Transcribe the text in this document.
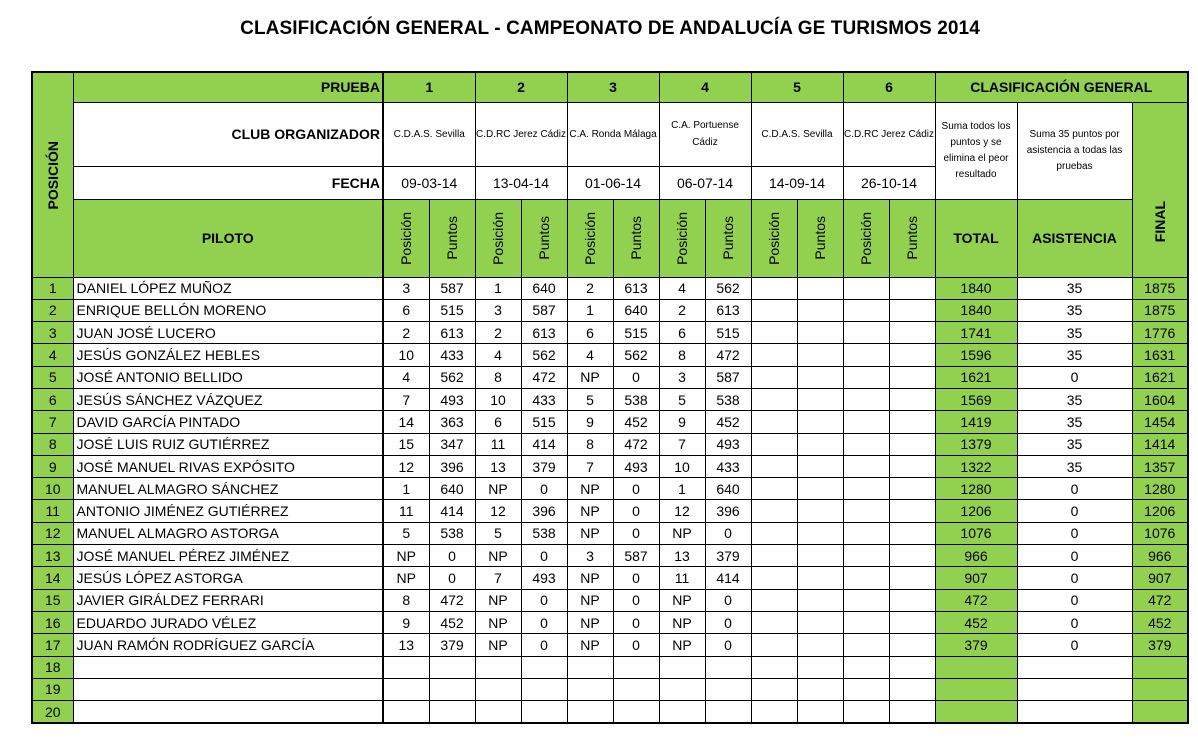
CLASIFICACIÓN GENERAL - CAMPEONATO DE ANDALUCÍA GE TURISMOS 2014
POSICIÓN	PRUEBA	1		2		3		4		5		6		CLASIFICACIÓN GENERAL		
	CLUB ORGANIZADOR	C.D.A.S. Sevilla		C.D.RC Jerez Cádiz		C.A. Ronda Málaga		C.A. Portuense Cádiz		C.D.A.S. Sevilla		C.D.RC Jerez Cádiz		Suma todos los puntos y se elimina el peor resultado	Suma 35 puntos por asistencia a todas las pruebas	
	FECHA	09-03-14		13-04-14		01-06-14		06-07-14		14-09-14		26-10-14				FINAL

	PILOTO	Posición	Puntos	Posición	Puntos	Posición	Puntos	Posición	Puntos	Posición	Puntos	Posición	Puntos	TOTAL	ASISTENCIA	
1	DANIEL LÓPEZ MUÑOZ	3	587	1	640	2	613	4	562					1840	35	1875
2	ENRIQUE BELLÓN MORENO	6	515	3	587	1	640	2	613					1840	35	1875
3	JUAN JOSÉ LUCERO	2	613	2	613	6	515	6	515					1741	35	1776
4	JESÚS GONZÁLEZ HEBLES	10	433	4	562	4	562	8	472					1596	35	1631
5	JOSÉ ANTONIO BELLIDO	4	562	8	472	NP	0	3	587					1621	0	1621
6	JESÚS SÁNCHEZ VÁZQUEZ	7	493	10	433	5	538	5	538					1569	35	1604
7	DAVID GARCÍA PINTADO	14	363	6	515	9	452	9	452					1419	35	1454
8	JOSÉ LUIS RUIZ GUTIÉRREZ	15	347	11	414	8	472	7	493					1379	35	1414
9	JOSÉ MANUEL RIVAS EXPÓSITO	12	396	13	379	7	493	10	433					1322	35	1357
10	MANUEL ALMAGRO SÁNCHEZ	1	640	NP	0	NP	0	1	640					1280	0	1280
11	ANTONIO JIMÉNEZ GUTIÉRREZ	11	414	12	396	NP	0	12	396					1206	0	1206
12	MANUEL ALMAGRO ASTORGA	5	538	5	538	NP	0	NP	0					1076	0	1076
13	JOSÉ MANUEL PÉREZ JIMÉNEZ	NP	0	NP	0	3	587	13	379					966	0	966
14	JESÚS LÓPEZ ASTORGA	NP	0	7	493	NP	0	11	414					907	0	907
15	JAVIER GIRÁLDEZ FERRARI	8	472	NP	0	NP	0	NP	0					472	0	472
16	EDUARDO JURADO VÉLEZ	9	452	NP	0	NP	0	NP	0					452	0	452
17	JUAN RAMÓN RODRÍGUEZ GARCÍA	13	379	NP	0	NP	0	NP	0					379	0	379
18																
19																
20																
